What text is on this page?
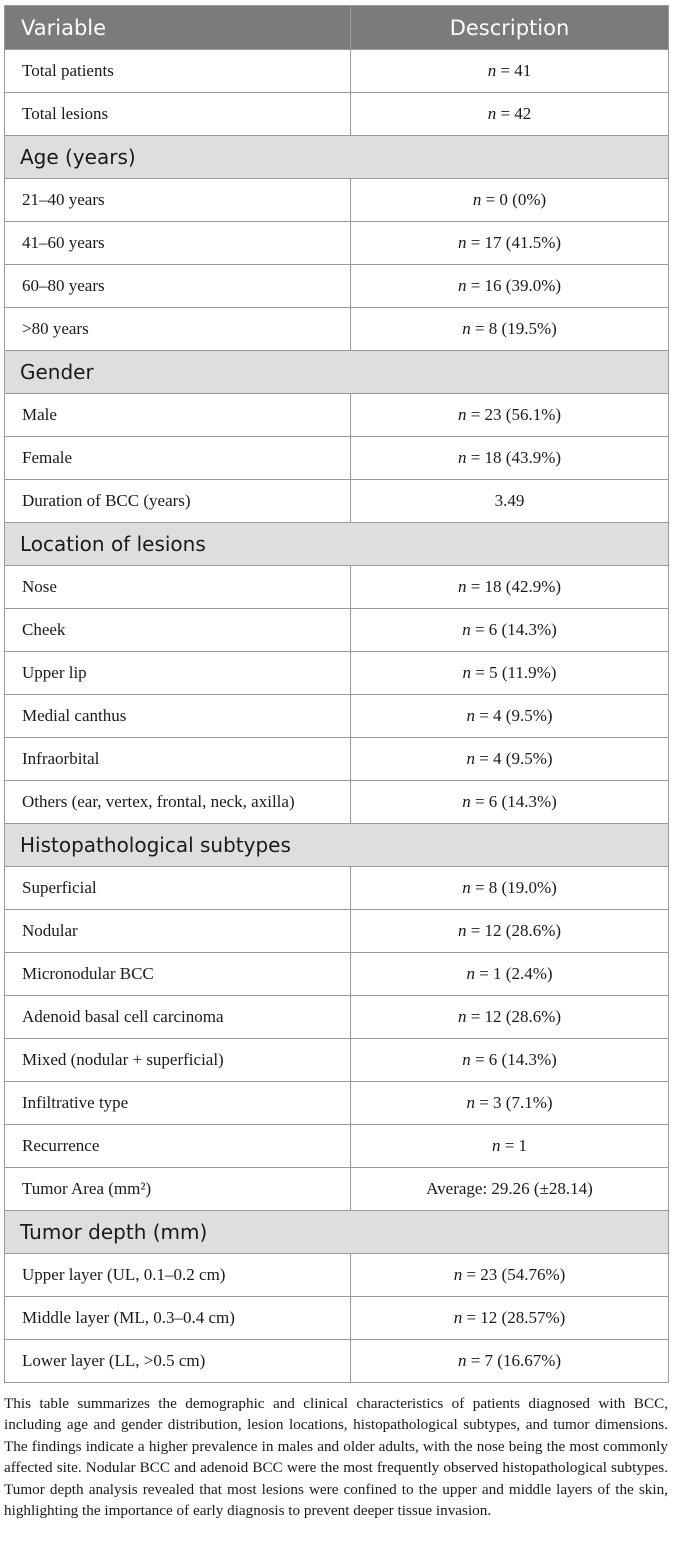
Variable	Description
Total patients	n = 41
Total lesions	n = 42
Age (years)	
21–40 years	n = 0 (0%)
41–60 years	n = 17 (41.5%)
60–80 years	n = 16 (39.0%)
>80 years	n = 8 (19.5%)
Gender	
Male	n = 23 (56.1%)
Female	n = 18 (43.9%)
Duration of BCC (years)	3.49
Location of lesions	
Nose	n = 18 (42.9%)
Cheek	n = 6 (14.3%)
Upper lip	n = 5 (11.9%)
Medial canthus	n = 4 (9.5%)
Infraorbital	n = 4 (9.5%)
Others (ear, vertex, frontal, neck, axilla)	n = 6 (14.3%)
Histopathological subtypes	
Superficial	n = 8 (19.0%)
Nodular	n = 12 (28.6%)
Micronodular BCC	n = 1 (2.4%)
Adenoid basal cell carcinoma	n = 12 (28.6%)
Mixed (nodular + superficial)	n = 6 (14.3%)
Infiltrative type	n = 3 (7.1%)
Recurrence	n = 1
Tumor Area (mm²)	Average: 29.26 (±28.14)
Tumor depth (mm)	
Upper layer (UL, 0.1–0.2 cm)	n = 23 (54.76%)
Middle layer (ML, 0.3–0.4 cm)	n = 12 (28.57%)
Lower layer (LL, >0.5 cm)	n = 7 (16.67%)
This table summarizes the demographic and clinical characteristics of patients diagnosed with BCC, including age and gender distribution, lesion locations, histopathological subtypes, and tumor dimensions. The findings indicate a higher prevalence in males and older adults, with the nose being the most commonly affected site. Nodular BCC and adenoid BCC were the most frequently observed histopathological subtypes. Tumor depth analysis revealed that most lesions were confined to the upper and middle layers of the skin, highlighting the importance of early diagnosis to prevent deeper tissue invasion.
